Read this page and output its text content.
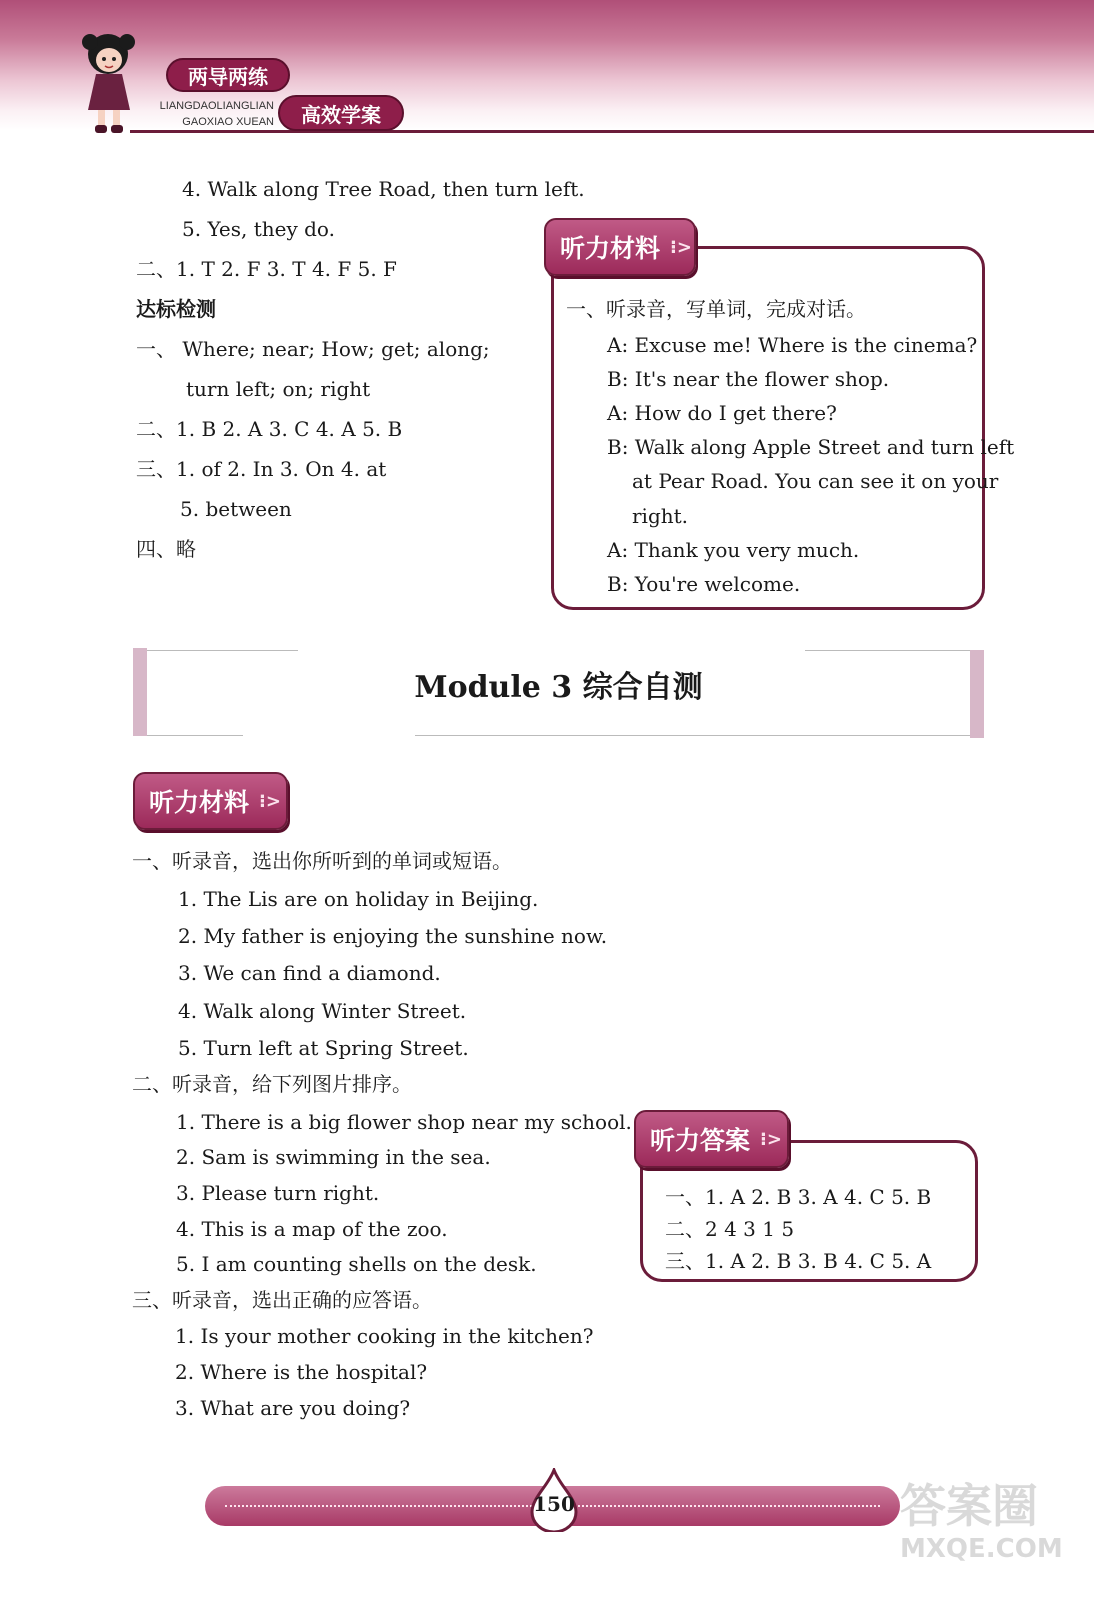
两导两练
LIANGDAOLIANGLIAN
GAOXIAO XUEAN	高效学案
4. Walk along Tree Road, then turn left.
5. Yes, they do.
二、1. T 2. F 3. T 4. F 5. F
达标检测
一、 Where; near; How; get; along;
turn left; on; right
二、1. B 2. A 3. C 4. A 5. B
三、1. of 2. In 3. On 4. at
5. between
四、略
听力材料 ⁝>
一、听录音，写单词，完成对话。
A: Excuse me! Where is the cinema?
B: It's near the flower shop.
A: How do I get there?
B: Walk along Apple Street and turn left
at Pear Road. You can see it on your
right.
A: Thank you very much.
B: You're welcome.
Module 3 综合自测
听力材料 ⁝>
一、听录音，选出你所听到的单词或短语。
1. The Lis are on holiday in Beijing.
2. My father is enjoying the sunshine now.
3. We can find a diamond.
4. Walk along Winter Street.
5. Turn left at Spring Street.
二、听录音，给下列图片排序。
1. There is a big flower shop near my school.
2. Sam is swimming in the sea.
3. Please turn right.
4. This is a map of the zoo.
5. I am counting shells on the desk.
三、听录音，选出正确的应答语。
1. Is your mother cooking in the kitchen?
2. Where is the hospital?
3. What are you doing?
听力答案 ⁝>
一、1. A 2. B 3. A 4. C 5. B
二、2 4 3 1 5
三、1. A 2. B 3. B 4. C 5. A
150	答案圈
MXQE.COM
